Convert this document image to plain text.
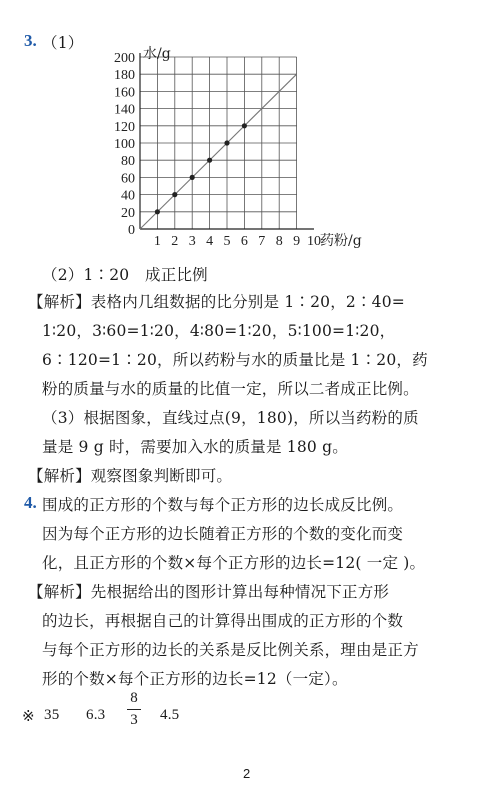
3. （1）
0
20
40
60
80
100
120
140
160
180
200
1 2 3 4 5 6 7 8 9 10
水/g
药粉/g
（2）1∶20　成正比例
【解析】表格内几组数据的比分别是 1∶20，2∶40=
1∶20，3∶60=1∶20，4∶80=1∶20，5∶100=1∶20，
6∶120=1∶20，所以药粉与水的质量比是 1∶20，药
粉的质量与水的质量的比值一定，所以二者成正比例。
（3）根据图象，直线过点(9，180)，所以当药粉的质
量是 9 g 时，需要加入水的质量是 180 g。
【解析】观察图象判断即可。
4. 围成的正方形的个数与每个正方形的边长成反比例。
因为每个正方形的边长随着正方形的个数的变化而变
化，且正方形的个数×每个正方形的边长=12( 一定 )。
【解析】先根据给出的图形计算出每种情况下正方形
的边长，再根据自己的计算得出围成的正方形的个数
与每个正方形的边长的关系是反比例关系，理由是正方
形的个数×每个正方形的边长=12（一定）。
※ 35 6.3
8
3 4.5
2
